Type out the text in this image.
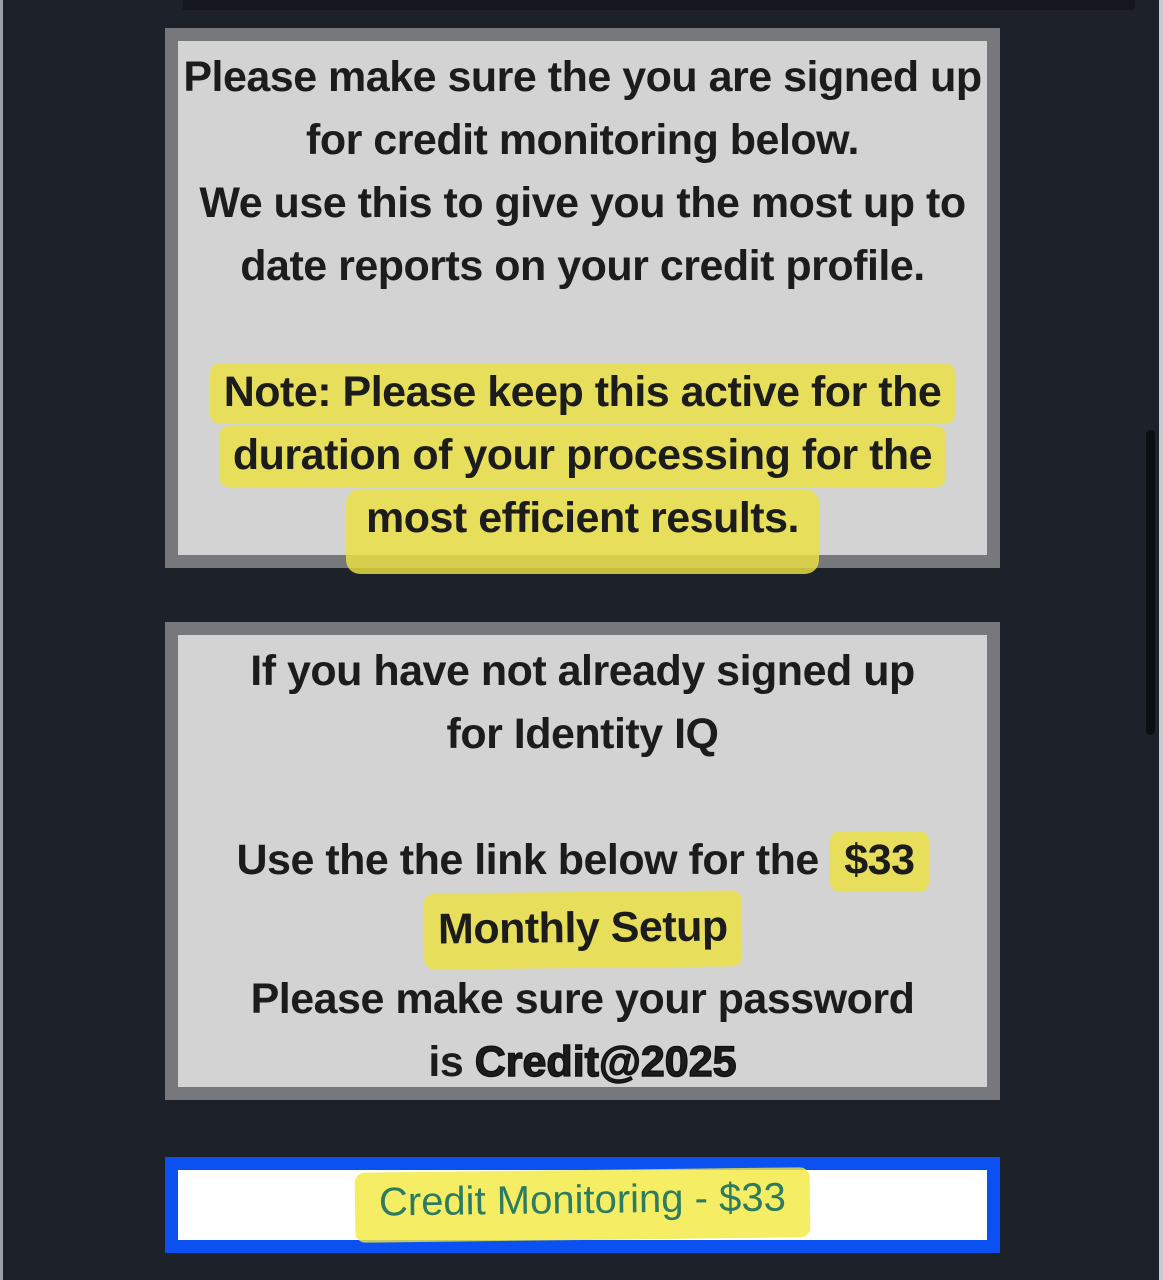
Please make sure the you are signed up
for credit monitoring below.
We use this to give you the most up to
date reports on your credit profile.
Note: Please keep this active for the
duration of your processing for the
most efficient results.
If you have not already signed up
for Identity IQ
Use the the link below for the $33
Monthly Setup
Please make sure your password
is Credit@2025
Credit Monitoring - $33
